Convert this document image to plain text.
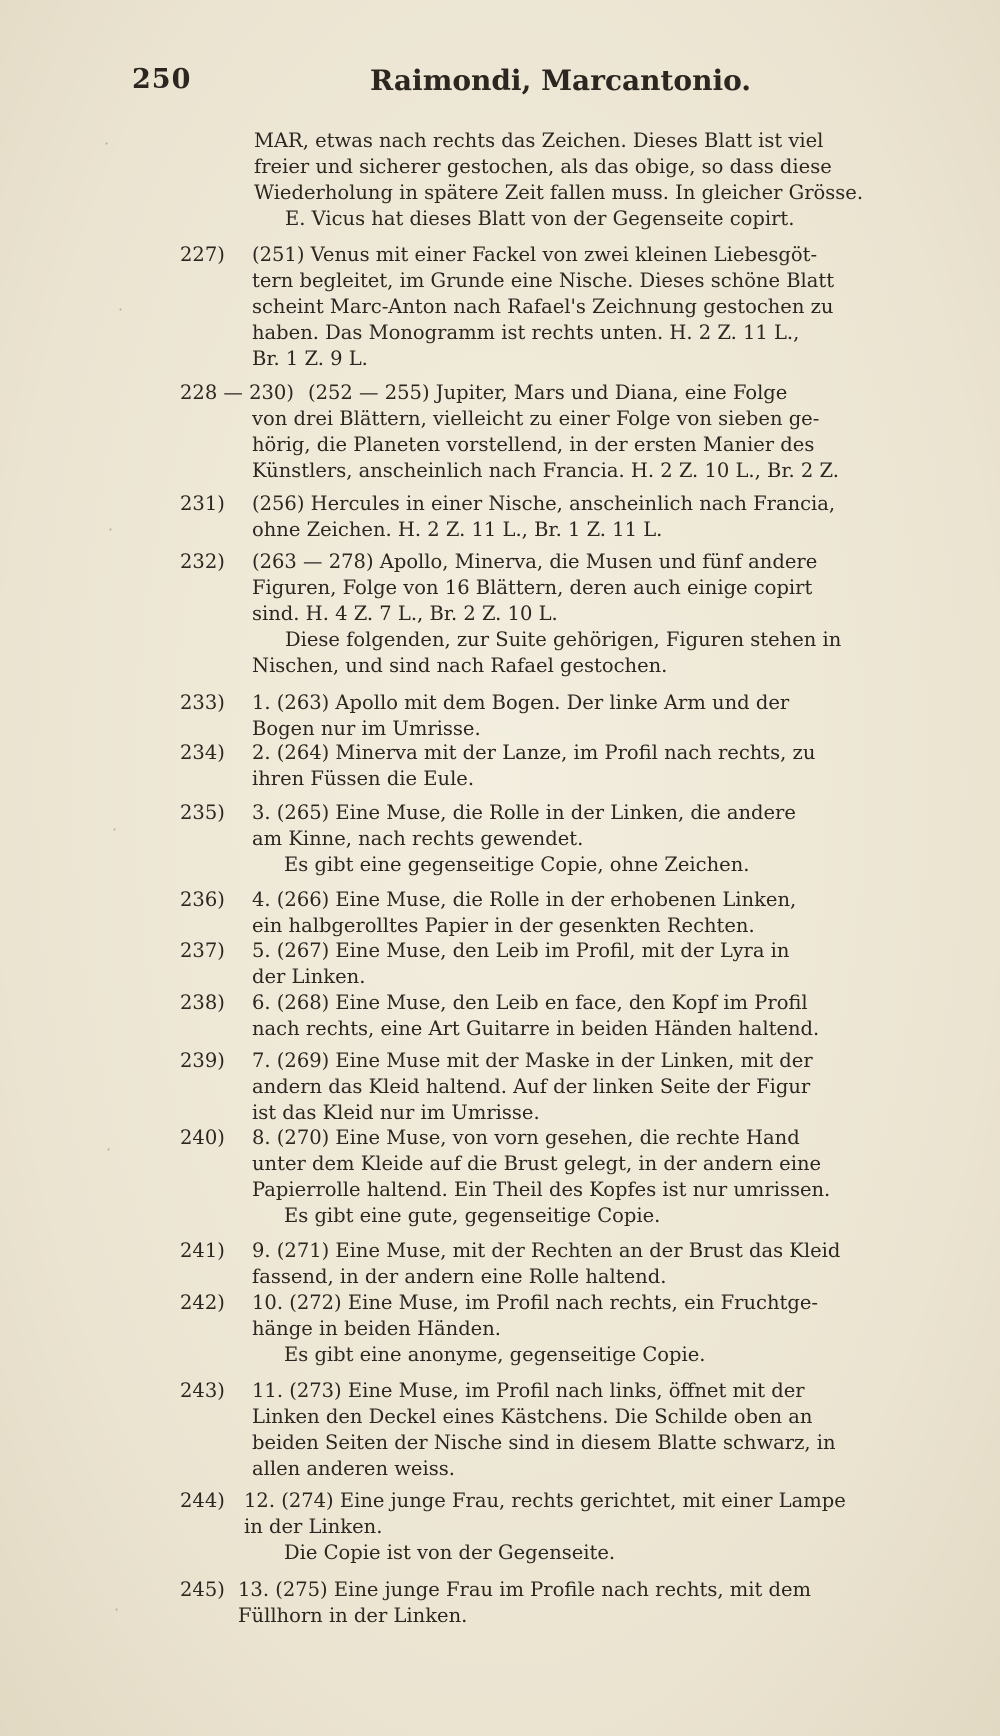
250	Raimondi, Marcantonio.
MAR, etwas nach rechts das Zeichen. Dieses Blatt ist viel
freier und sicherer gestochen, als das obige, so dass diese
Wiederholung in spätere Zeit fallen muss. In gleicher Grösse.
E. Vicus hat dieses Blatt von der Gegenseite copirt.
227) (251) Venus mit einer Fackel von zwei kleinen Liebesgöt-
tern begleitet, im Grunde eine Nische. Dieses schöne Blatt
scheint Marc-Anton nach Rafael's Zeichnung gestochen zu
haben. Das Monogramm ist rechts unten. H. 2 Z. 11 L.,
Br. 1 Z. 9 L.
228 — 230) (252 — 255) Jupiter, Mars und Diana, eine Folge
von drei Blättern, vielleicht zu einer Folge von sieben ge-
hörig, die Planeten vorstellend, in der ersten Manier des
Künstlers, anscheinlich nach Francia. H. 2 Z. 10 L., Br. 2 Z.
231) (256) Hercules in einer Nische, anscheinlich nach Francia,
ohne Zeichen. H. 2 Z. 11 L., Br. 1 Z. 11 L.
232) (263 — 278) Apollo, Minerva, die Musen und fünf andere
Figuren, Folge von 16 Blättern, deren auch einige copirt
sind. H. 4 Z. 7 L., Br. 2 Z. 10 L.
Diese folgenden, zur Suite gehörigen, Figuren stehen in
Nischen, und sind nach Rafael gestochen.
233) 1. (263) Apollo mit dem Bogen. Der linke Arm und der
Bogen nur im Umrisse.
234) 2. (264) Minerva mit der Lanze, im Profil nach rechts, zu
ihren Füssen die Eule.
235) 3. (265) Eine Muse, die Rolle in der Linken, die andere
am Kinne, nach rechts gewendet.
Es gibt eine gegenseitige Copie, ohne Zeichen.
236) 4. (266) Eine Muse, die Rolle in der erhobenen Linken,
ein halbgerolltes Papier in der gesenkten Rechten.
237) 5. (267) Eine Muse, den Leib im Profil, mit der Lyra in
der Linken.
238) 6. (268) Eine Muse, den Leib en face, den Kopf im Profil
nach rechts, eine Art Guitarre in beiden Händen haltend.
239) 7. (269) Eine Muse mit der Maske in der Linken, mit der
andern das Kleid haltend. Auf der linken Seite der Figur
ist das Kleid nur im Umrisse.
240) 8. (270) Eine Muse, von vorn gesehen, die rechte Hand
unter dem Kleide auf die Brust gelegt, in der andern eine
Papierrolle haltend. Ein Theil des Kopfes ist nur umrissen.
Es gibt eine gute, gegenseitige Copie.
241) 9. (271) Eine Muse, mit der Rechten an der Brust das Kleid
fassend, in der andern eine Rolle haltend.
242) 10. (272) Eine Muse, im Profil nach rechts, ein Fruchtge-
hänge in beiden Händen.
Es gibt eine anonyme, gegenseitige Copie.
243) 11. (273) Eine Muse, im Profil nach links, öffnet mit der
Linken den Deckel eines Kästchens. Die Schilde oben an
beiden Seiten der Nische sind in diesem Blatte schwarz, in
allen anderen weiss.
244) 12. (274) Eine junge Frau, rechts gerichtet, mit einer Lampe
in der Linken.
Die Copie ist von der Gegenseite.
245) 13. (275) Eine junge Frau im Profile nach rechts, mit dem
Füllhorn in der Linken.
·
·
·
·
·
·
